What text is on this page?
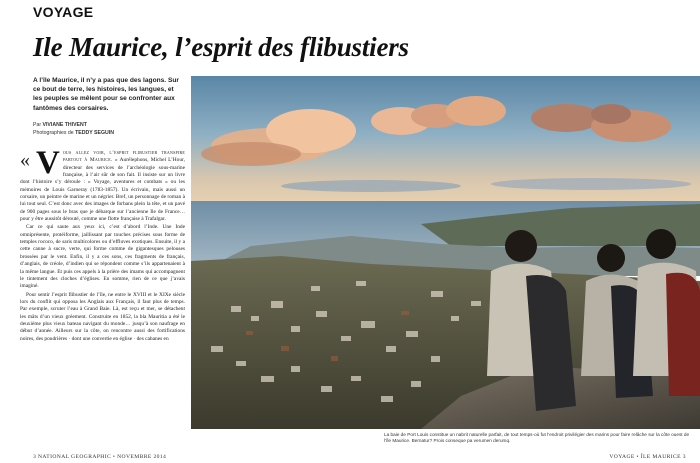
VOYAGE
Ile Maurice, l’esprit des flibustiers

A l’île Maurice, il n’y a pas que des lagons. Sur ce bout de terre, les histoires, les langues, et les peuples se mêlent pour se confronter aux fantômes des corsaires.

Par VIVIANE THIVENT
Photographies de TEDDY SEGUIN

« V ous allez voir, l’esprit flibustier transpire partout à Maurice. » Aurélephons, Michel L’Hour, directeur des services de l’archéologie sous-marine française, à l’air sûr de son fait. Il insiste sur un livre dont l’histoire s’y déroule : « Voyage, aventures et combats » ou les mémoires de Louis Garneray (1783-1857). Un écrivain, mais aussi un corsaire, un peintre de marine et un négrier. Bref, un personnage de roman à lui tout seul. C’est donc avec des images de forbans plein la tête, et un pavé de 900 pages sous le bras que je débarque sur l’ancienne Ile de France… pour y être aussitôt dérouté, comme une flotte française à Trafalgar.

Car ce qui saute aux yeux ici, c’est d’abord l’Inde. Une Inde omniprésente, protéiforme, jaillissant par touches précises sous forme de temples rococo, de saris multicolores ou d’effluves exotiques. Ensuite, il y a cette canne à sucre, verte, qui forme comme de gigantesques pelouses brossées par le vent. Enfin, il y a ces sons, ces fragments de français, d’anglais, de créole, d’indien qui se répondent comme s’ils appartenaient à la même langue. Et puis ces appels à la prière des imams qui accompagnent le tintement des cloches d’églises. En somme, rien de ce que j’avais imaginé.

Pour sentir l’esprit flibustier de l’île, ne entre le XVIII et le XIXe siècle lors du conflit qui opposa les Anglais aux Français, il faut plus de temps. Par exemple, scruter l’eau à Grand Baie. Là, est reçu et mer, se détachent les mâts d’un vieux gréement. Construite en 1852, la bla Mauritia a été le deuxième plus vieux bateau navigant du monde… jusqu’à son naufrage en début d’année. Ailleurs sur la côte, on rencontre aussi des fortifications noires, des poudrières · dont une convertie en église · des cabanes en

La baie de Port Louis constitue un nabrit naturelle parfait, de tout temps-où fut l’endroit privilégier des marins pour faire relâche sur la côte ouest de l’île Maurice. Bernatur? Prois conseque pa verumen derumq.

3 NATIONAL GEOGRAPHIC • NOVEMBRE 2014	VOYAGE • ÎLE MAURICE 3
